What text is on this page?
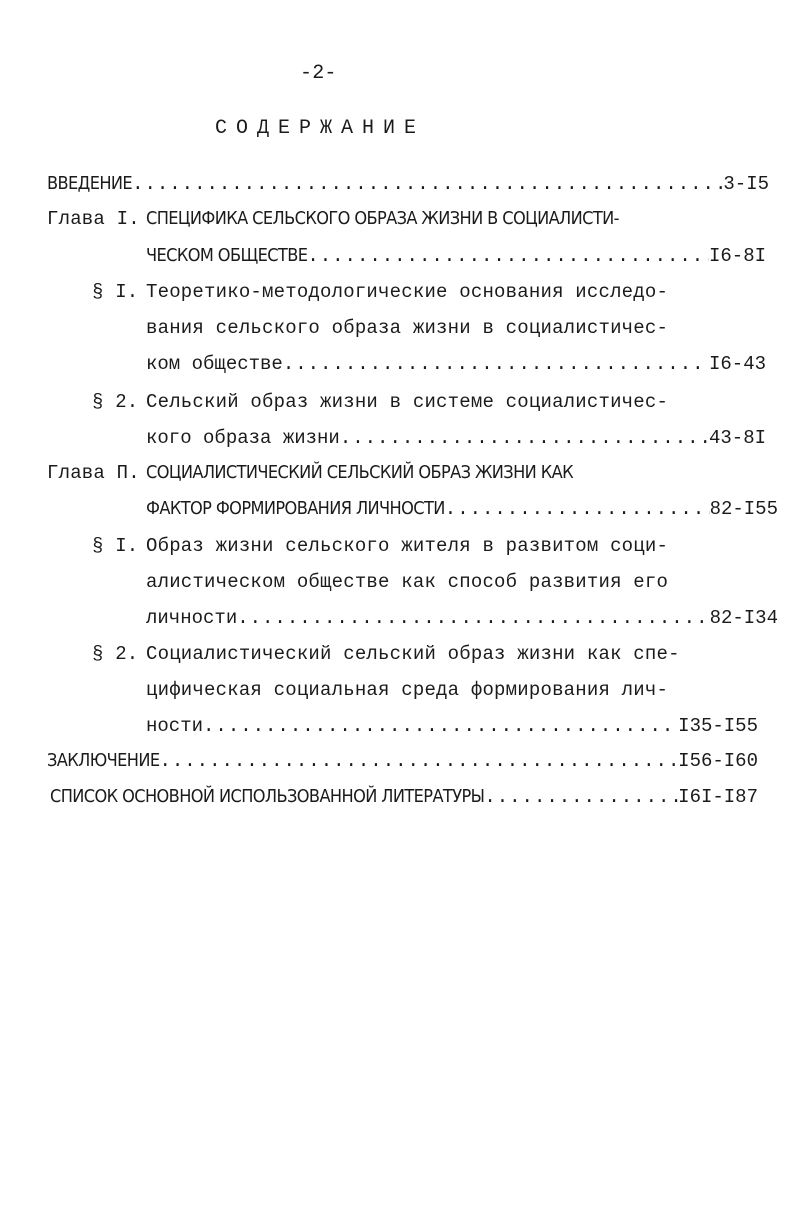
-2-
СОДЕРЖАНИЕ
ВВЕДЕНИЕ .....	3-I5
Глава I. СПЕЦИФИКА СЕЛЬСКОГО ОБРАЗА ЖИЗНИ В СОЦИАЛИСТИ-
ЧЕСКОМ ОБЩЕСТВЕ .....	I6-8I
§ I. Теоретико-методологические основания исследо-
вания сельского образа жизни в социалистичес-
ком обществе .....	I6-43
§ 2. Сельский образ жизни в системе социалистичес-
кого образа жизни .....	43-8I
Глава П. СОЦИАЛИСТИЧЕСКИЙ СЕЛЬСКИЙ ОБРАЗ ЖИЗНИ КАК
ФАКТОР ФОРМИРОВАНИЯ ЛИЧНОСТИ .....	82-I55
§ I. Образ жизни сельского жителя в развитом соци-
алистическом обществе как способ развития его
личности .....	82-I34
§ 2. Социалистический сельский образ жизни как спе-
цифическая социальная среда формирования лич-
ности .....	I35-I55
ЗАКЛЮЧЕНИЕ .....	I56-I60
СПИСОК ОСНОВНОЙ ИСПОЛЬЗОВАННОЙ ЛИТЕРАТУРЫ .....	I6I-I87
